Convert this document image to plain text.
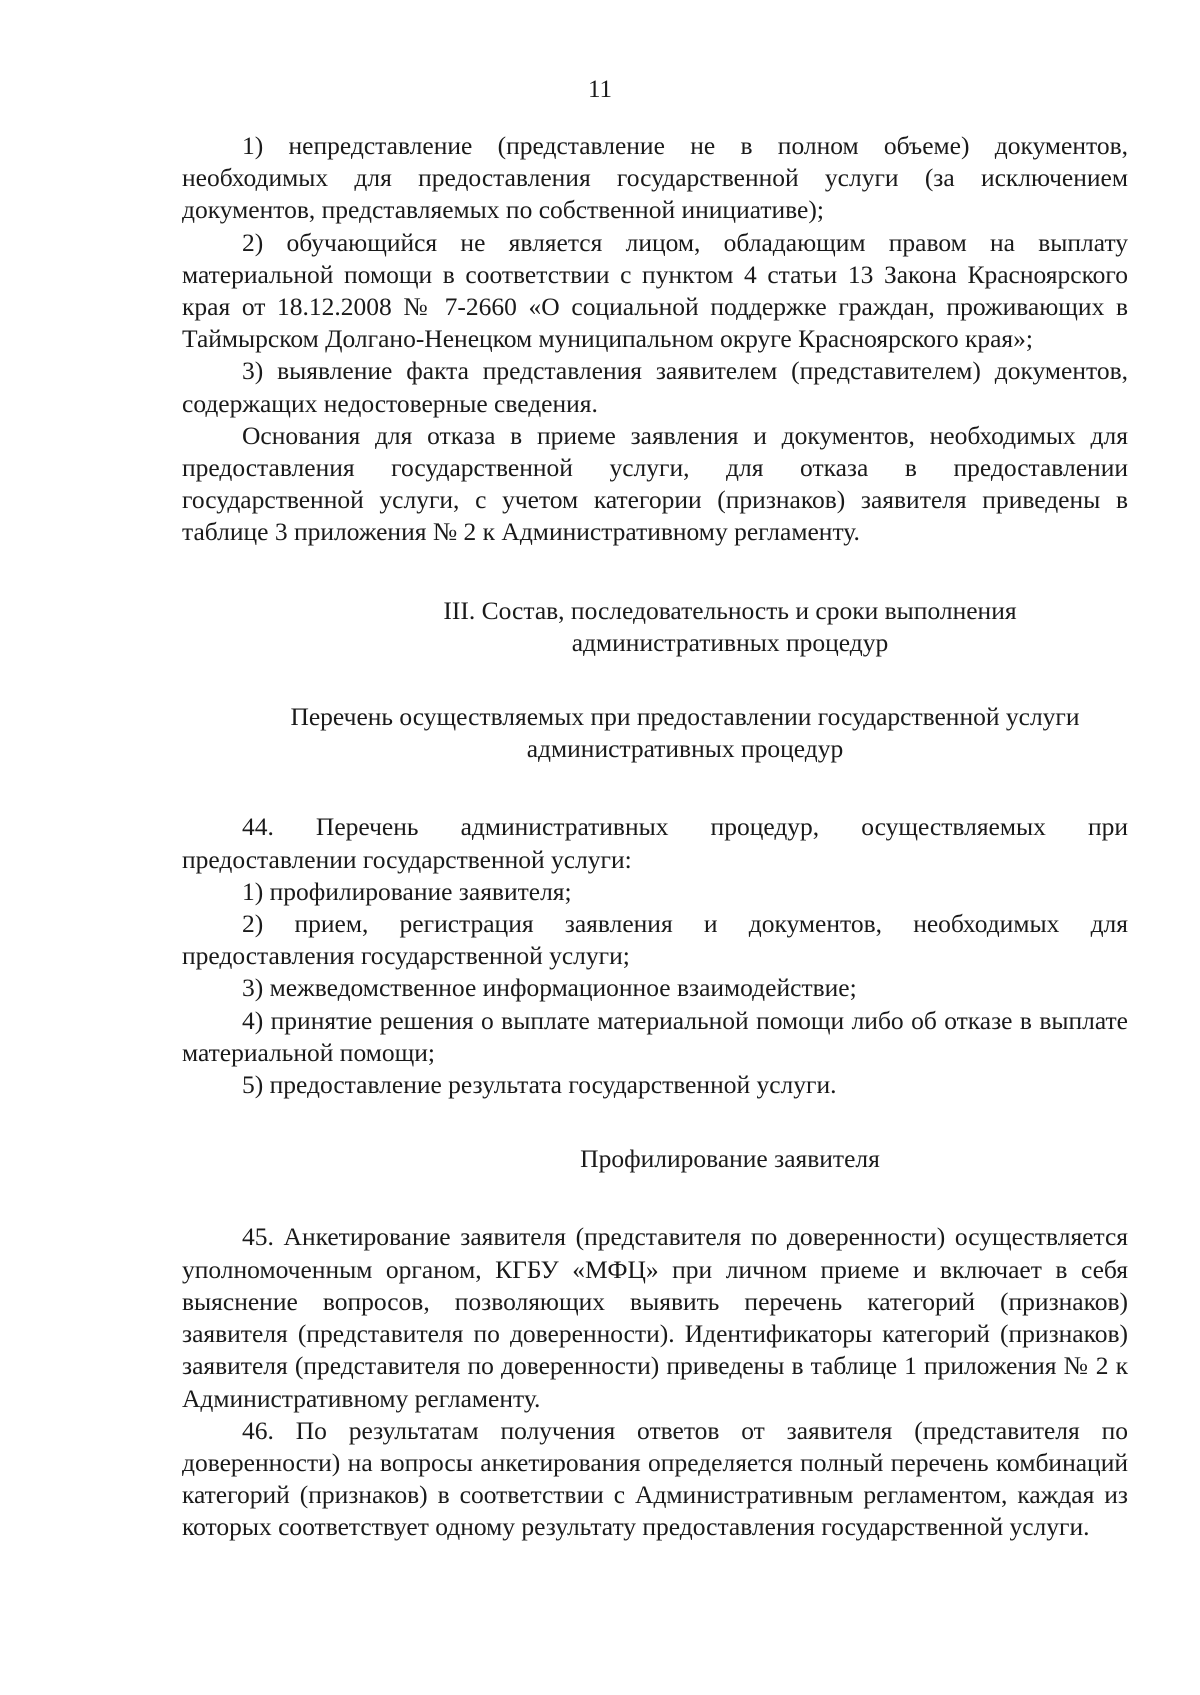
11

1) непредставление (представление не в полном объеме) документов, необходимых для предоставления государственной услуги (за исключением документов, представляемых по собственной инициативе);

2) обучающийся не является лицом, обладающим правом на выплату материальной помощи в соответствии с пунктом 4 статьи 13 Закона Красноярского края от 18.12.2008 № 7-2660 «О социальной поддержке граждан, проживающих в Таймырском Долгано-Ненецком муниципальном округе Красноярского края»;

3) выявление факта представления заявителем (представителем) документов, содержащих недостоверные сведения.

Основания для отказа в приеме заявления и документов, необходимых для предоставления государственной услуги, для отказа в предоставлении государственной услуги, с учетом категории (признаков) заявителя приведены в таблице 3 приложения № 2 к Административному регламенту.

III. Состав, последовательность и сроки выполнения
административных процедур
Перечень осуществляемых при предоставлении государственной услуги
административных процедур

44. Перечень административных процедур, осуществляемых при предоставлении государственной услуги:

1) профилирование заявителя;

2) прием, регистрация заявления и документов, необходимых для предоставления государственной услуги;

3) межведомственное информационное взаимодействие;

4) принятие решения о выплате материальной помощи либо об отказе в выплате материальной помощи;

5) предоставление результата государственной услуги.

Профилирование заявителя

45. Анкетирование заявителя (представителя по доверенности) осуществляется уполномоченным органом, КГБУ «МФЦ» при личном приеме и включает в себя выяснение вопросов, позволяющих выявить перечень категорий (признаков) заявителя (представителя по доверенности). Идентификаторы категорий (признаков) заявителя (представителя по доверенности) приведены в таблице 1 приложения № 2 к Административному регламенту.

46. По результатам получения ответов от заявителя (представителя по доверенности) на вопросы анкетирования определяется полный перечень комбинаций категорий (признаков) в соответствии с Административным регламентом, каждая из которых соответствует одному результату предоставления государственной услуги.
